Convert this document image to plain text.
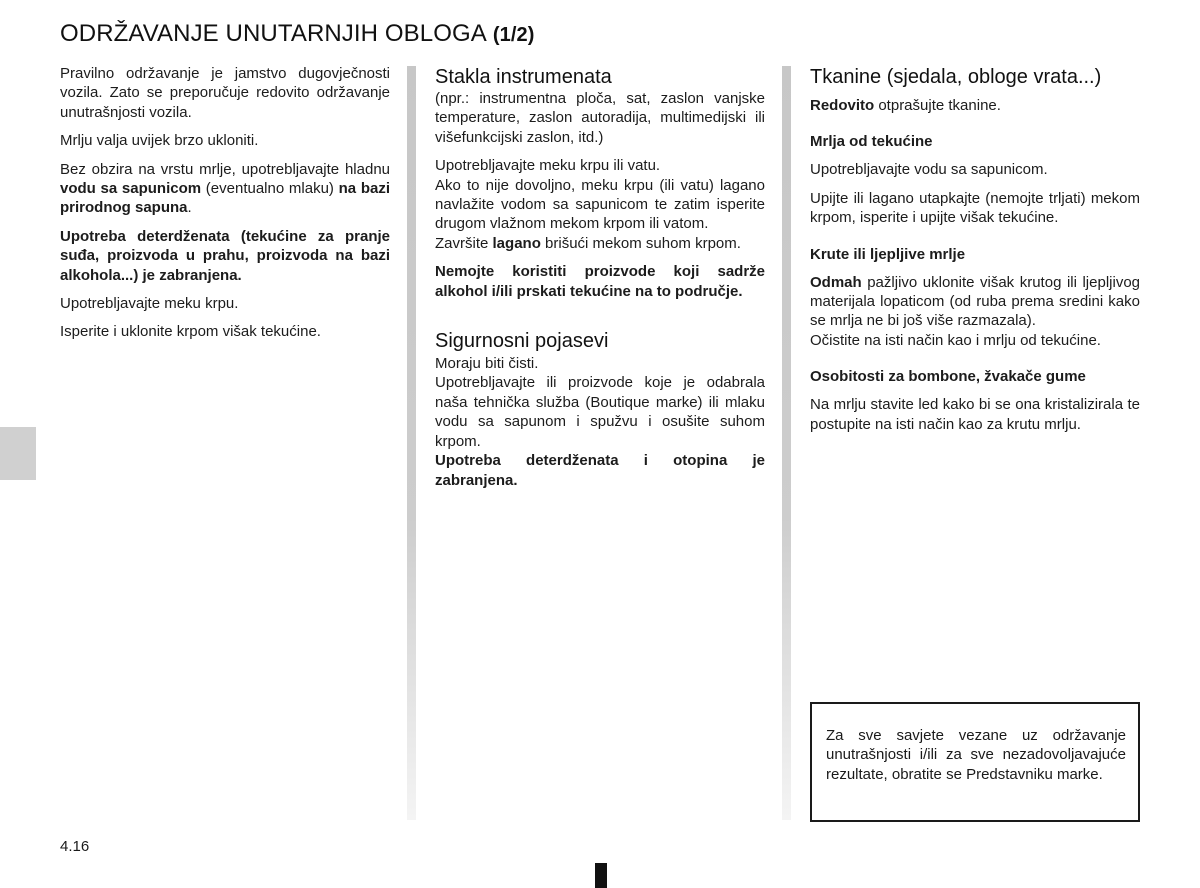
ODRŽAVANJE UNUTARNJIH OBLOGA (1/2)

Pravilno održavanje je jamstvo dugovječnosti vozila. Zato se preporučuje redovito održavanje unutrašnjosti vozila.

Mrlju valja uvijek brzo ukloniti.

Bez obzira na vrstu mrlje, upotrebljavajte hladnu vodu sa sapunicom (eventualno mlaku) na bazi prirodnog sapuna.

Upotreba deterdženata (tekućine za pranje suđa, proizvoda u prahu, proizvoda na bazi alkohola...) je zabranjena.

Upotrebljavajte meku krpu.

Isperite i uklonite krpom višak tekućine.

Stakla instrumenata

(npr.: instrumentna ploča, sat, zaslon vanjske temperature, zaslon autoradija, multimedijski ili višefunkcijski zaslon, itd.)

Upotrebljavajte meku krpu ili vatu.

Ako to nije dovoljno, meku krpu (ili vatu) lagano navlažite vodom sa sapunicom te zatim isperite drugom vlažnom mekom krpom ili vatom.

Završite lagano brišući mekom suhom krpom.

Nemojte koristiti proizvode koji sadrže alkohol i/ili prskati tekućine na to područje.

Sigurnosni pojasevi

Moraju biti čisti.

Upotrebljavajte ili proizvode koje je odabrala naša tehnička služba (Boutique marke) ili mlaku vodu sa sapunom i spužvu i osušite suhom krpom.

Upotreba deterdženata i otopina je zabranjena.

Tkanine (sjedala, obloge vrata...)

Redovito otprašujte tkanine.

Mrlja od tekućine

Upotrebljavajte vodu sa sapunicom.

Upijte ili lagano utapkajte (nemojte trljati) mekom krpom, isperite i upijte višak tekućine.

Krute ili ljepljive mrlje

Odmah pažljivo uklonite višak krutog ili ljepljivog materijala lopaticom (od ruba prema sredini kako se mrlja ne bi još više razmazala).

Očistite na isti način kao i mrlju od tekućine.

Osobitosti za bombone, žvakače gume

Na mrlju stavite led kako bi se ona kristalizirala te postupite na isti način kao za krutu mrlju.

Za sve savjete vezane uz održavanje unutrašnjosti i/ili za sve nezadovoljavajuće rezultate, obratite se Predstavniku marke.

4.16
